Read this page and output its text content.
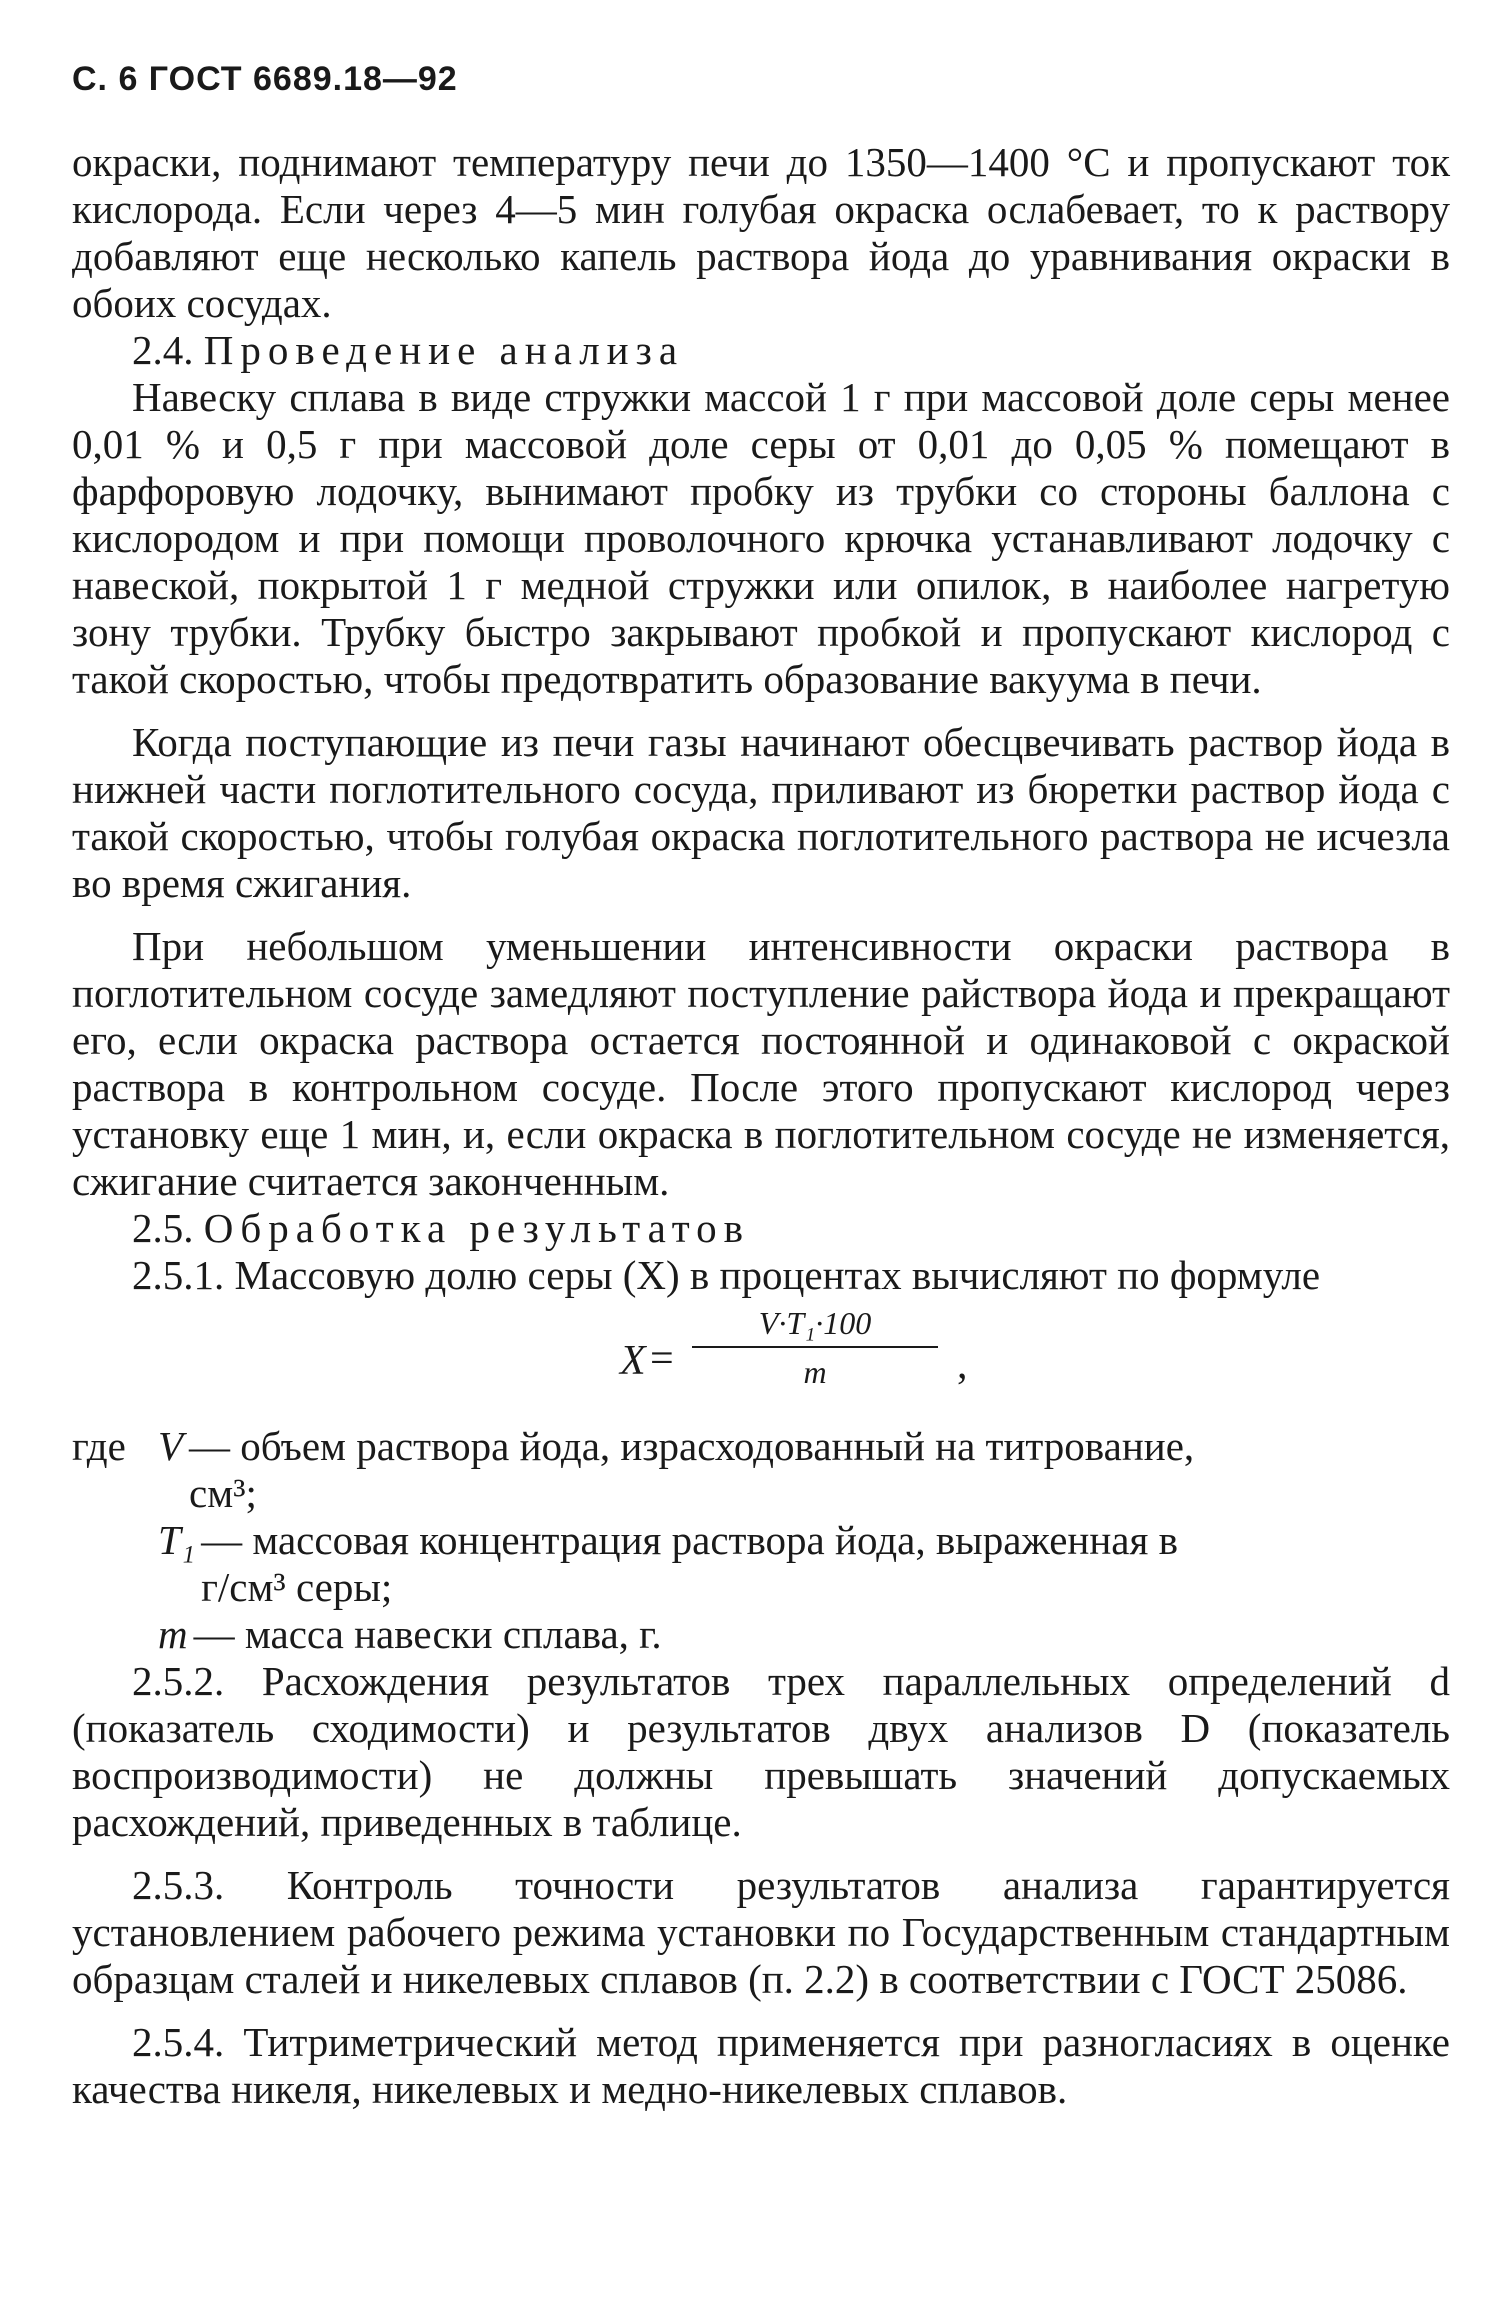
С. 6 ГОСТ 6689.18—92

окраски, поднимают температуру печи до 1350—1400 °С и пропускают ток кислорода. Если через 4—5 мин голубая окраска ослабевает, то к раствору добавляют еще несколько капель раствора йода до уравнивания окраски в обоих сосудах.

2.4. Проведение анализа

Навеску сплава в виде стружки массой 1 г при массовой доле серы менее 0,01 % и 0,5 г при массовой доле серы от 0,01 до 0,05 % помещают в фарфоровую лодочку, вынимают пробку из трубки со стороны баллона с кислородом и при помощи проволочного крючка устанавливают лодочку с навеской, покрытой 1 г медной стружки или опилок, в наиболее нагретую зону трубки. Трубку быстро закрывают пробкой и пропускают кислород с такой скоростью, чтобы предотвратить образование вакуума в печи.

Когда поступающие из печи газы начинают обесцвечивать раствор йода в нижней части поглотительного сосуда, приливают из бюретки раствор йода с такой скоростью, чтобы голубая окраска поглотительного раствора не исчезла во время сжигания.

При небольшом уменьшении интенсивности окраски раствора в поглотительном сосуде замедляют поступление райствора йода и прекращают его, если окраска раствора остается постоянной и одинаковой с окраской раствора в контрольном сосуде. После этого пропускают кислород через установку еще 1 мин, и, если окраска в поглотительном сосуде не изменяется, сжигание считается законченным.

2.5. Обработка результатов

2.5.1. Массовую долю серы (X) в процентах вычисляют по формуле

$X = \frac{\text{V·T₁·100}}{m}$ ,
где V — объем раствора йода, израсходованный на титрование,
см³;
T₁ — массовая концентрация раствора йода, выраженная в
г/см³ серы;
m — масса навески сплава, г.

2.5.2. Расхождения результатов трех параллельных определений d (показатель сходимости) и результатов двух анализов D (показатель воспроизводимости) не должны превышать значений допускаемых расхождений, приведенных в таблице.

2.5.3. Контроль точности результатов анализа гарантируется установлением рабочего режима установки по Государственным стандартным образцам сталей и никелевых сплавов (п. 2.2) в соответствии с ГОСТ 25086.

2.5.4. Титриметрический метод применяется при разногласиях в оценке качества никеля, никелевых и медно-никелевых сплавов.
